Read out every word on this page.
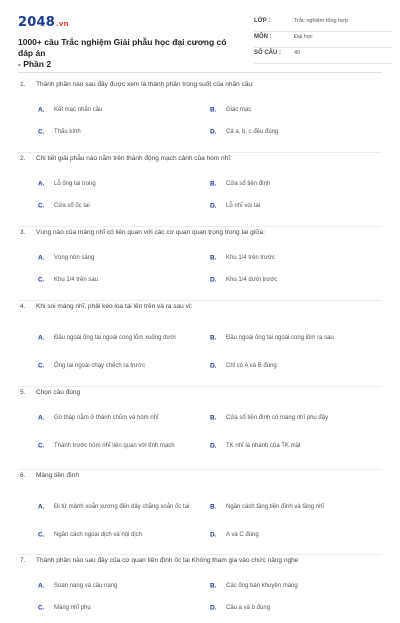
2048.vn
1000+ câu Trắc nghiệm Giải phẫu học đại cương có đáp án
- Phần 2
LỚP :	Trắc nghiệm tổng hợp
MÔN :	Đại học
SỐ CÂU : 40
1. Thành phần nào sau đây được xem là thành phần trong suốt của nhãn cầu:
A. Kết mạc nhãn cầu	B. Giác mạc
C. Thấu kính	D. Cả a, b, c đều đúng
2. Chi tiết giải phẫu nào nằm trên thành động mạch cảnh của hòm nhĩ:
A. Lỗ ống tai trong	B. Cửa sổ tiền đình
C. Cửa sổ ốc tai	D. Lỗ nhĩ vòi tai
3. Vùng nào của màng nhĩ có liên quan với các cơ quan quan trọng trong tai giữa:
A. Vùng nón sáng	B. Khu 1/4 trên trước
C. Khu 1/4 trên sau	D. Khu 1/4 dưới trước
4. Khi soi màng nhĩ, phải kéo loa tai lên trên và ra sau vì:
A. Đầu ngoài ống tai ngoài cong lõm xuống dưới	B. Đầu ngoài ống tai ngoài cong lõm ra sau
C. Ống tai ngoài chạy chếch ra trước	D. Chỉ có A và B đúng
5. Chọn câu đúng
A. Gò tháp nằm ở thành chũm và hòm nhĩ	B. Cửa sổ tiền đình có màng nhĩ phụ đậy
C. Thành trước hòm nhĩ liên quan với tĩnh mạch	D. TK nhĩ là nhánh của TK mặt
6. Màng tiền đình
A. Đi từ mảnh xoắn xương đến dây chằng xoắn ốc tai	B. Ngăn cách tầng tiền đình và tầng nhĩ
C. Ngăn cách ngoại dịch và nội dịch	D. A và C đúng
7. Thành phần nào sau đây của cơ quan tiền đình ốc tai Không tham gia vào chức năng nghe
A. Soan nang và cầu nang	B. Các ống bán khuyên màng
C. Màng nhĩ phụ	D. Câu a và b đúng
